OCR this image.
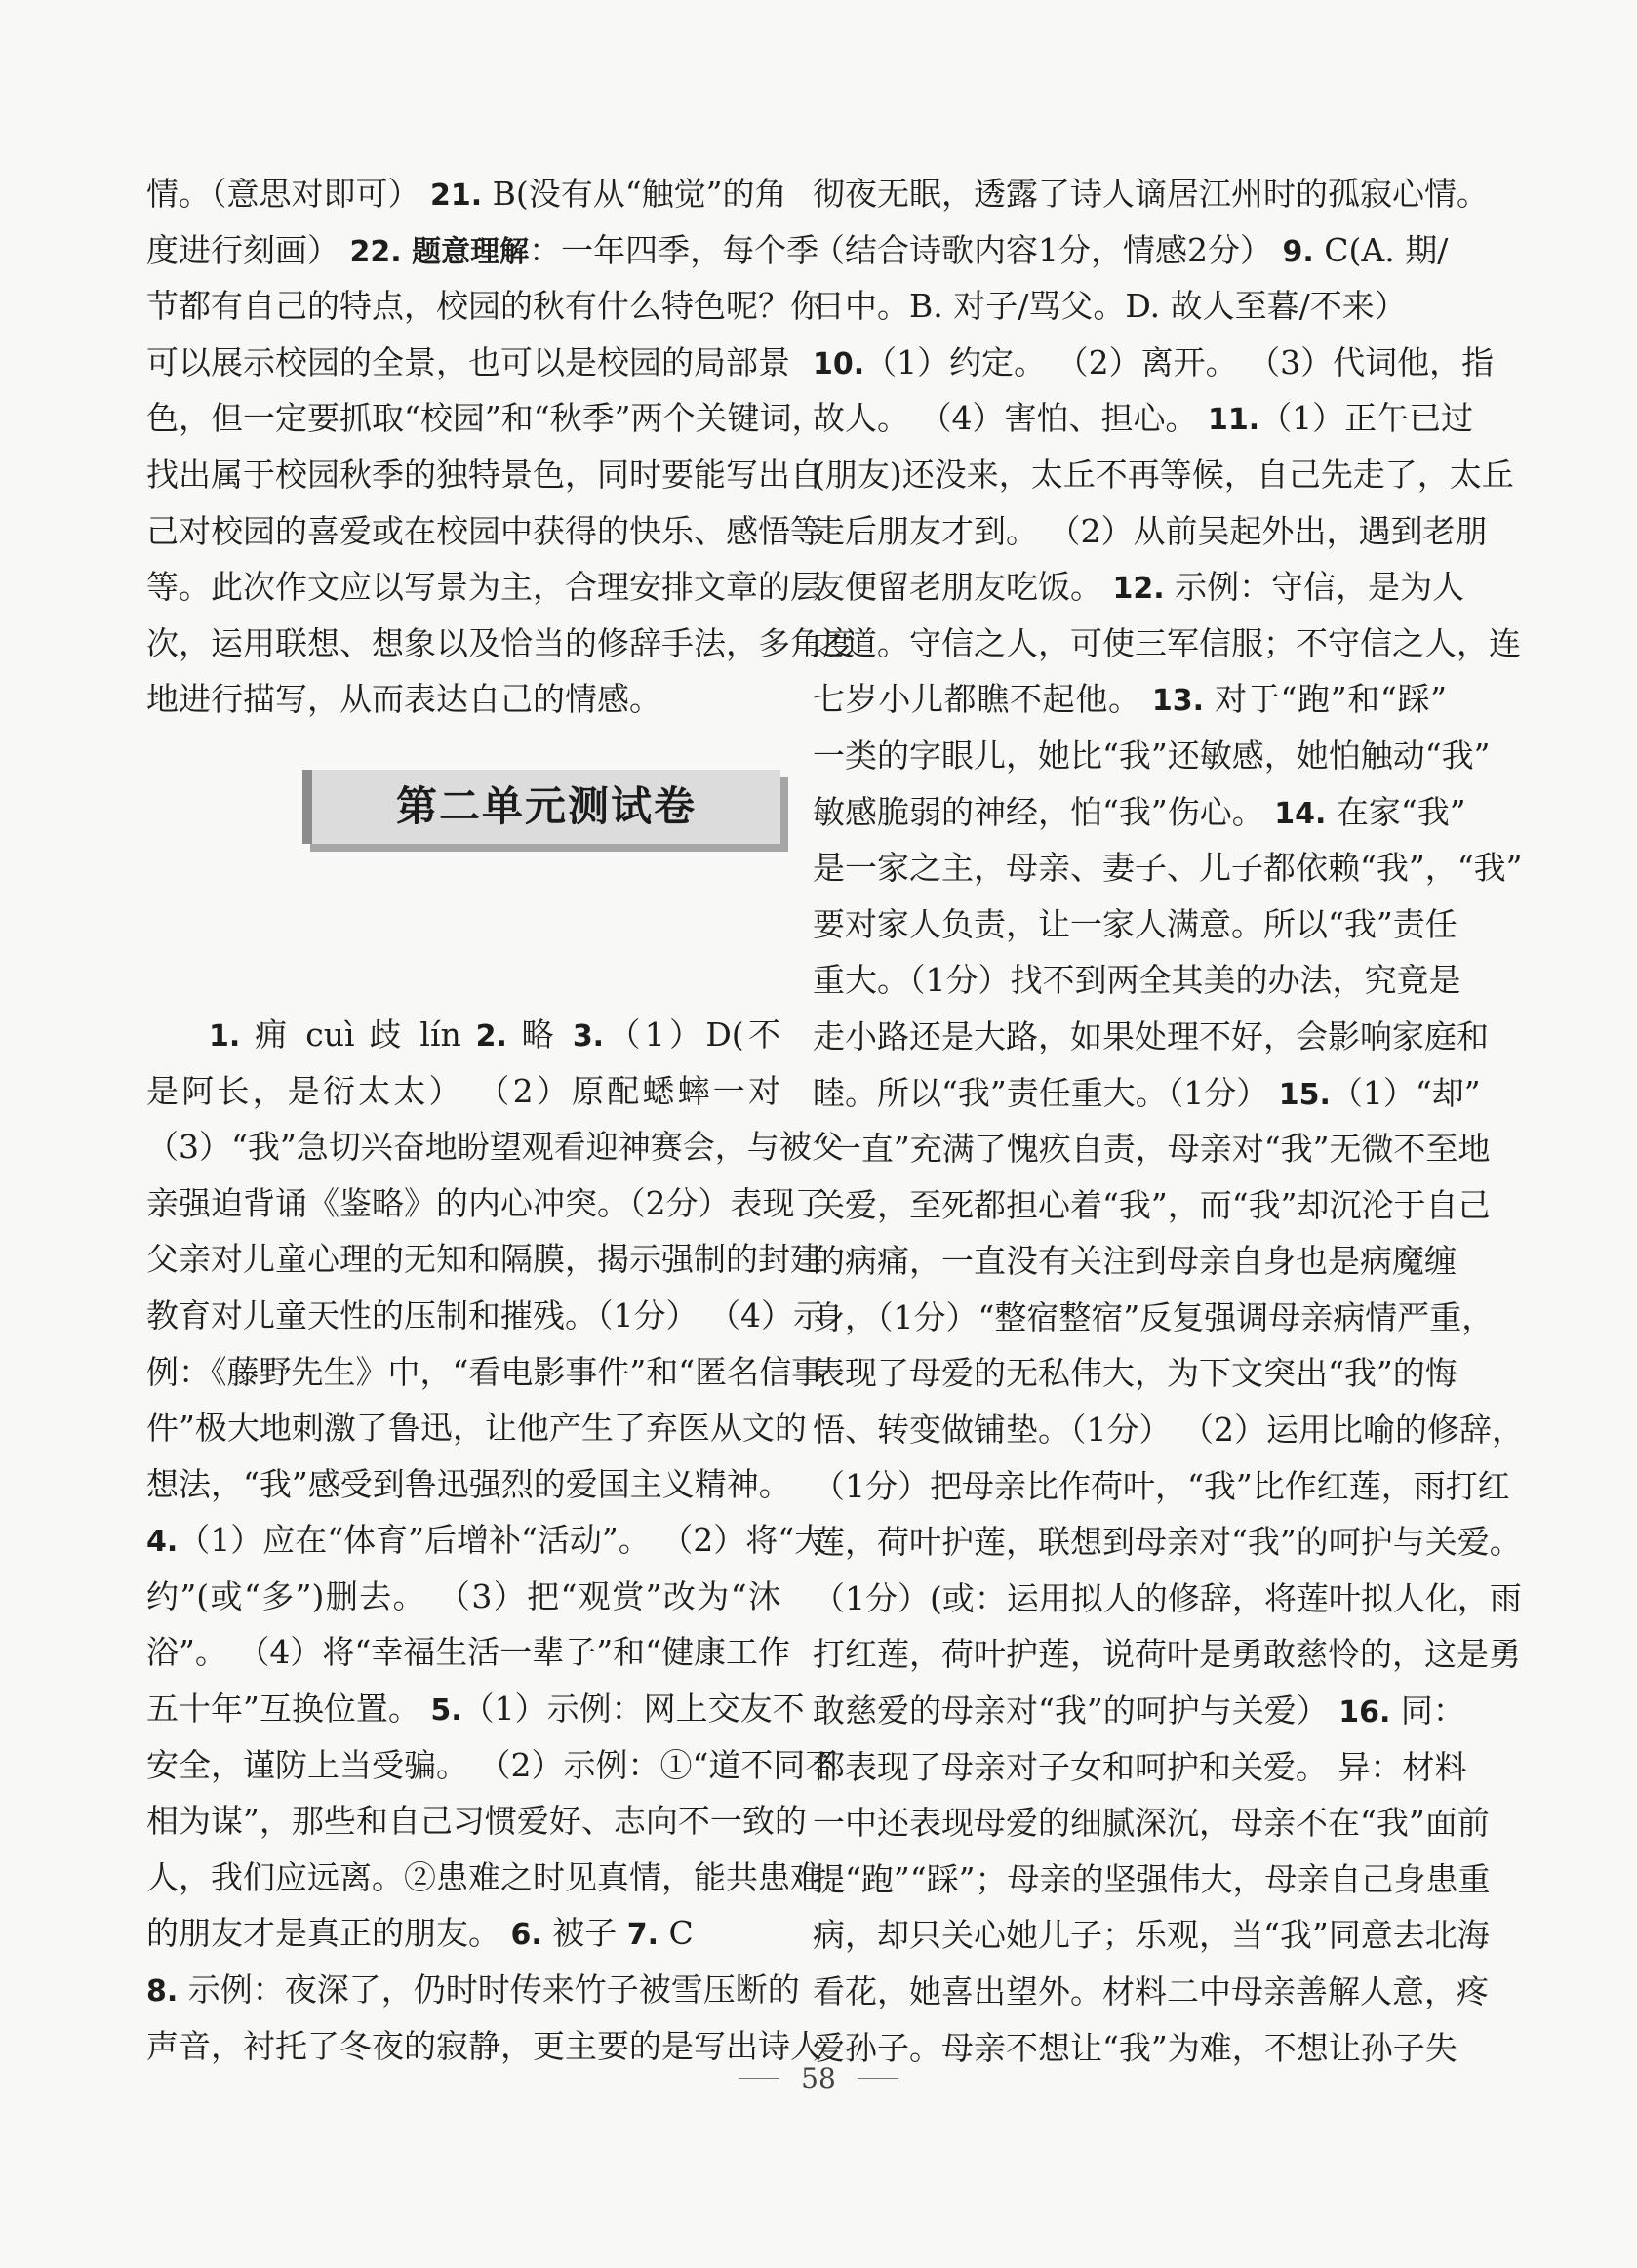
情。（意思对即可） 21. B(没有从“触觉”的角
度进行刻画） 22. 题意理解：一年四季，每个季
节都有自己的特点，校园的秋有什么特色呢？你
可以展示校园的全景，也可以是校园的局部景
色，但一定要抓取“校园”和“秋季”两个关键词，
找出属于校园秋季的独特景色，同时要能写出自
己对校园的喜爱或在校园中获得的快乐、感悟等
等。此次作文应以写景为主，合理安排文章的层
次，运用联想、想象以及恰当的修辞手法，多角度
地进行描写，从而表达自己的情感。
第二单元测试卷
1. 痈 cuì 歧 lín 2. 略 3.（1）D(不
是阿长，是衍太太） （2）原配蟋蟀一对
（3）“我”急切兴奋地盼望观看迎神赛会，与被父
亲强迫背诵《鉴略》的内心冲突。（2分）表现了
父亲对儿童心理的无知和隔膜，揭示强制的封建
教育对儿童天性的压制和摧残。（1分） （4）示
例：《藤野先生》中，“看电影事件”和“匿名信事
件”极大地刺激了鲁迅，让他产生了弃医从文的
想法，“我”感受到鲁迅强烈的爱国主义精神。
4.（1）应在“体育”后增补“活动”。 （2）将“大
约”(或“多”)删去。 （3）把“观赏”改为“沐
浴”。 （4）将“幸福生活一辈子”和“健康工作
五十年”互换位置。 5.（1）示例：网上交友不
安全，谨防上当受骗。 （2）示例：①“道不同不
相为谋”，那些和自己习惯爱好、志向不一致的
人，我们应远离。②患难之时见真情，能共患难
的朋友才是真正的朋友。 6. 被子 7. C
8. 示例：夜深了，仍时时传来竹子被雪压断的
声音，衬托了冬夜的寂静，更主要的是写出诗人
彻夜无眠，透露了诗人谪居江州时的孤寂心情。
（结合诗歌内容1分，情感2分） 9. C(A. 期/
日中。B. 对子/骂父。D. 故人至暮/不来）
10.（1）约定。 （2）离开。 （3）代词他，指
故人。 （4）害怕、担心。 11.（1）正午已过
(朋友)还没来，太丘不再等候，自己先走了，太丘
走后朋友才到。 （2）从前吴起外出，遇到老朋
友便留老朋友吃饭。 12. 示例：守信，是为人
之道。守信之人，可使三军信服；不守信之人，连
七岁小儿都瞧不起他。 13. 对于“跑”和“踩”
一类的字眼儿，她比“我”还敏感，她怕触动“我”
敏感脆弱的神经，怕“我”伤心。 14. 在家“我”
是一家之主，母亲、妻子、儿子都依赖“我”，“我”
要对家人负责，让一家人满意。所以“我”责任
重大。（1分）找不到两全其美的办法，究竟是
走小路还是大路，如果处理不好，会影响家庭和
睦。所以“我”责任重大。（1分） 15.（1）“却”
“一直”充满了愧疚自责，母亲对“我”无微不至地
关爱，至死都担心着“我”，而“我”却沉沦于自己
的病痛，一直没有关注到母亲自身也是病魔缠
身，（1分）“整宿整宿”反复强调母亲病情严重，
表现了母爱的无私伟大，为下文突出“我”的悔
悟、转变做铺垫。（1分） （2）运用比喻的修辞，
（1分）把母亲比作荷叶，“我”比作红莲，雨打红
莲，荷叶护莲，联想到母亲对“我”的呵护与关爱。
（1分）(或：运用拟人的修辞，将莲叶拟人化，雨
打红莲，荷叶护莲，说荷叶是勇敢慈怜的，这是勇
敢慈爱的母亲对“我”的呵护与关爱） 16. 同：
都表现了母亲对子女和呵护和关爱。 异：材料
一中还表现母爱的细腻深沉，母亲不在“我”面前
提“跑”“踩”；母亲的坚强伟大，母亲自己身患重
病，却只关心她儿子；乐观，当“我”同意去北海
看花，她喜出望外。材料二中母亲善解人意，疼
爱孙子。母亲不想让“我”为难，不想让孙子失
58
